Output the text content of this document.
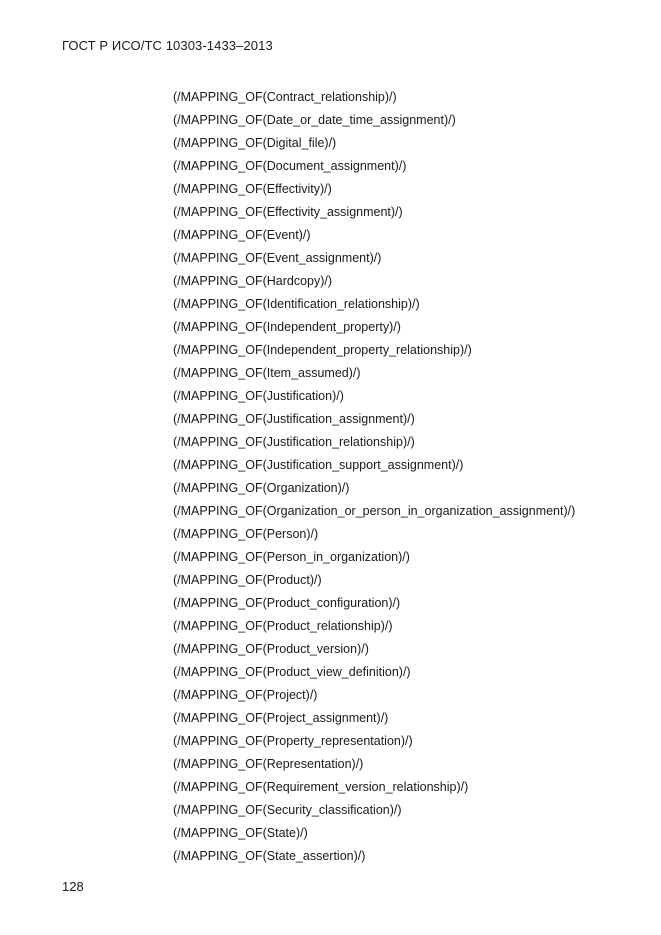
ГОСТ Р ИСО/ТС 10303-1433–2013
(/MAPPING_OF(Contract_relationship)/)
(/MAPPING_OF(Date_or_date_time_assignment)/)
(/MAPPING_OF(Digital_file)/)
(/MAPPING_OF(Document_assignment)/)
(/MAPPING_OF(Effectivity)/)
(/MAPPING_OF(Effectivity_assignment)/)
(/MAPPING_OF(Event)/)
(/MAPPING_OF(Event_assignment)/)
(/MAPPING_OF(Hardcopy)/)
(/MAPPING_OF(Identification_relationship)/)
(/MAPPING_OF(Independent_property)/)
(/MAPPING_OF(Independent_property_relationship)/)
(/MAPPING_OF(Item_assumed)/)
(/MAPPING_OF(Justification)/)
(/MAPPING_OF(Justification_assignment)/)
(/MAPPING_OF(Justification_relationship)/)
(/MAPPING_OF(Justification_support_assignment)/)
(/MAPPING_OF(Organization)/)
(/MAPPING_OF(Organization_or_person_in_organization_assignment)/)
(/MAPPING_OF(Person)/)
(/MAPPING_OF(Person_in_organization)/)
(/MAPPING_OF(Product)/)
(/MAPPING_OF(Product_configuration)/)
(/MAPPING_OF(Product_relationship)/)
(/MAPPING_OF(Product_version)/)
(/MAPPING_OF(Product_view_definition)/)
(/MAPPING_OF(Project)/)
(/MAPPING_OF(Project_assignment)/)
(/MAPPING_OF(Property_representation)/)
(/MAPPING_OF(Representation)/)
(/MAPPING_OF(Requirement_version_relationship)/)
(/MAPPING_OF(Security_classification)/)
(/MAPPING_OF(State)/)
(/MAPPING_OF(State_assertion)/)
128
